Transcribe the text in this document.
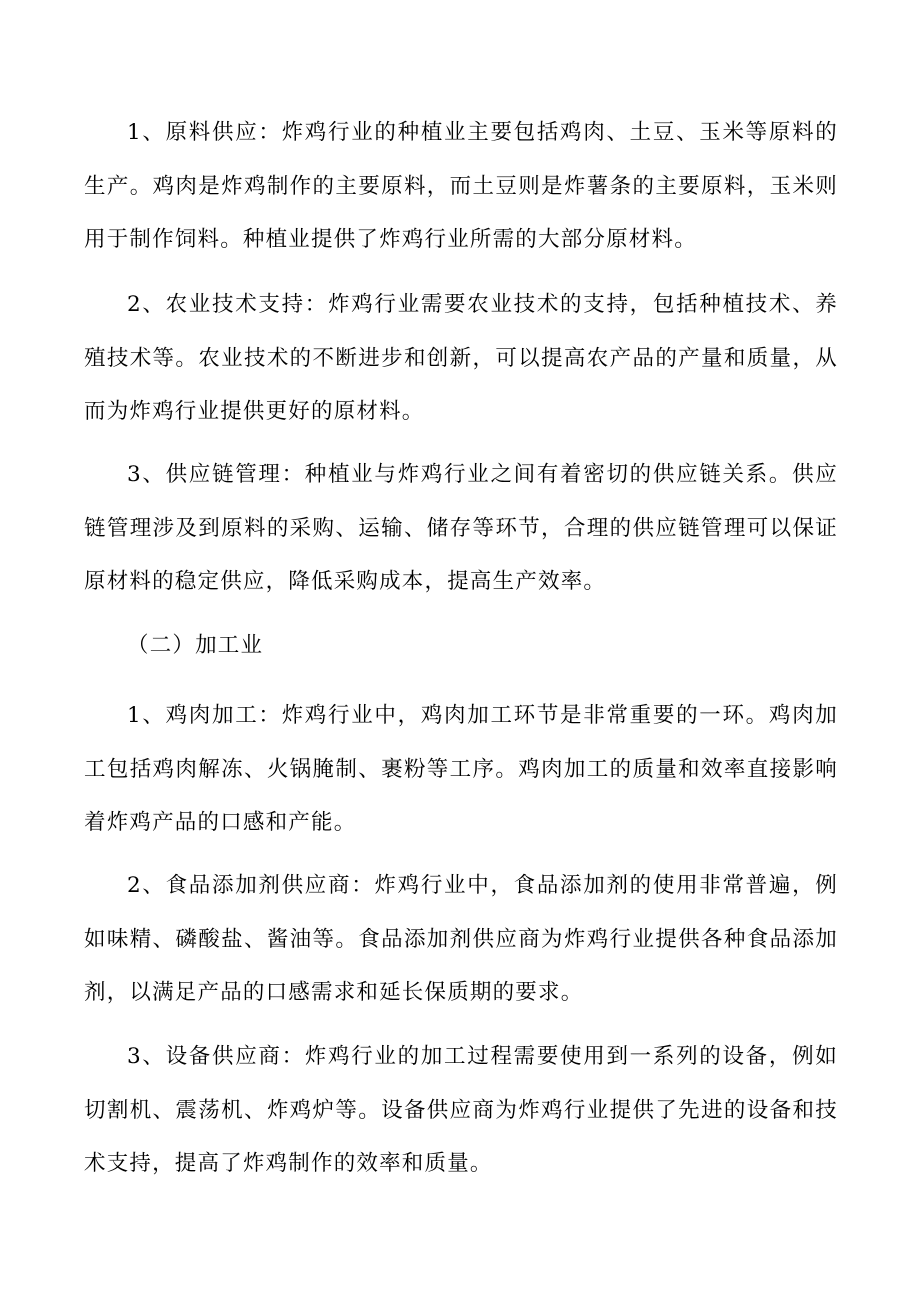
1、原料供应：炸鸡行业的种植业主要包括鸡肉、土豆、玉米等原料的生产。鸡肉是炸鸡制作的主要原料，而土豆则是炸薯条的主要原料，玉米则用于制作饲料。种植业提供了炸鸡行业所需的大部分原材料。

2、农业技术支持：炸鸡行业需要农业技术的支持，包括种植技术、养殖技术等。农业技术的不断进步和创新，可以提高农产品的产量和质量，从而为炸鸡行业提供更好的原材料。

3、供应链管理：种植业与炸鸡行业之间有着密切的供应链关系。供应链管理涉及到原料的采购、运输、储存等环节，合理的供应链管理可以保证原材料的稳定供应，降低采购成本，提高生产效率。

（二）加工业

1、鸡肉加工：炸鸡行业中，鸡肉加工环节是非常重要的一环。鸡肉加工包括鸡肉解冻、火锅腌制、裹粉等工序。鸡肉加工的质量和效率直接影响着炸鸡产品的口感和产能。

2、食品添加剂供应商：炸鸡行业中，食品添加剂的使用非常普遍，例如味精、磷酸盐、酱油等。食品添加剂供应商为炸鸡行业提供各种食品添加剂，以满足产品的口感需求和延长保质期的要求。

3、设备供应商：炸鸡行业的加工过程需要使用到一系列的设备，例如切割机、震荡机、炸鸡炉等。设备供应商为炸鸡行业提供了先进的设备和技术支持，提高了炸鸡制作的效率和质量。
